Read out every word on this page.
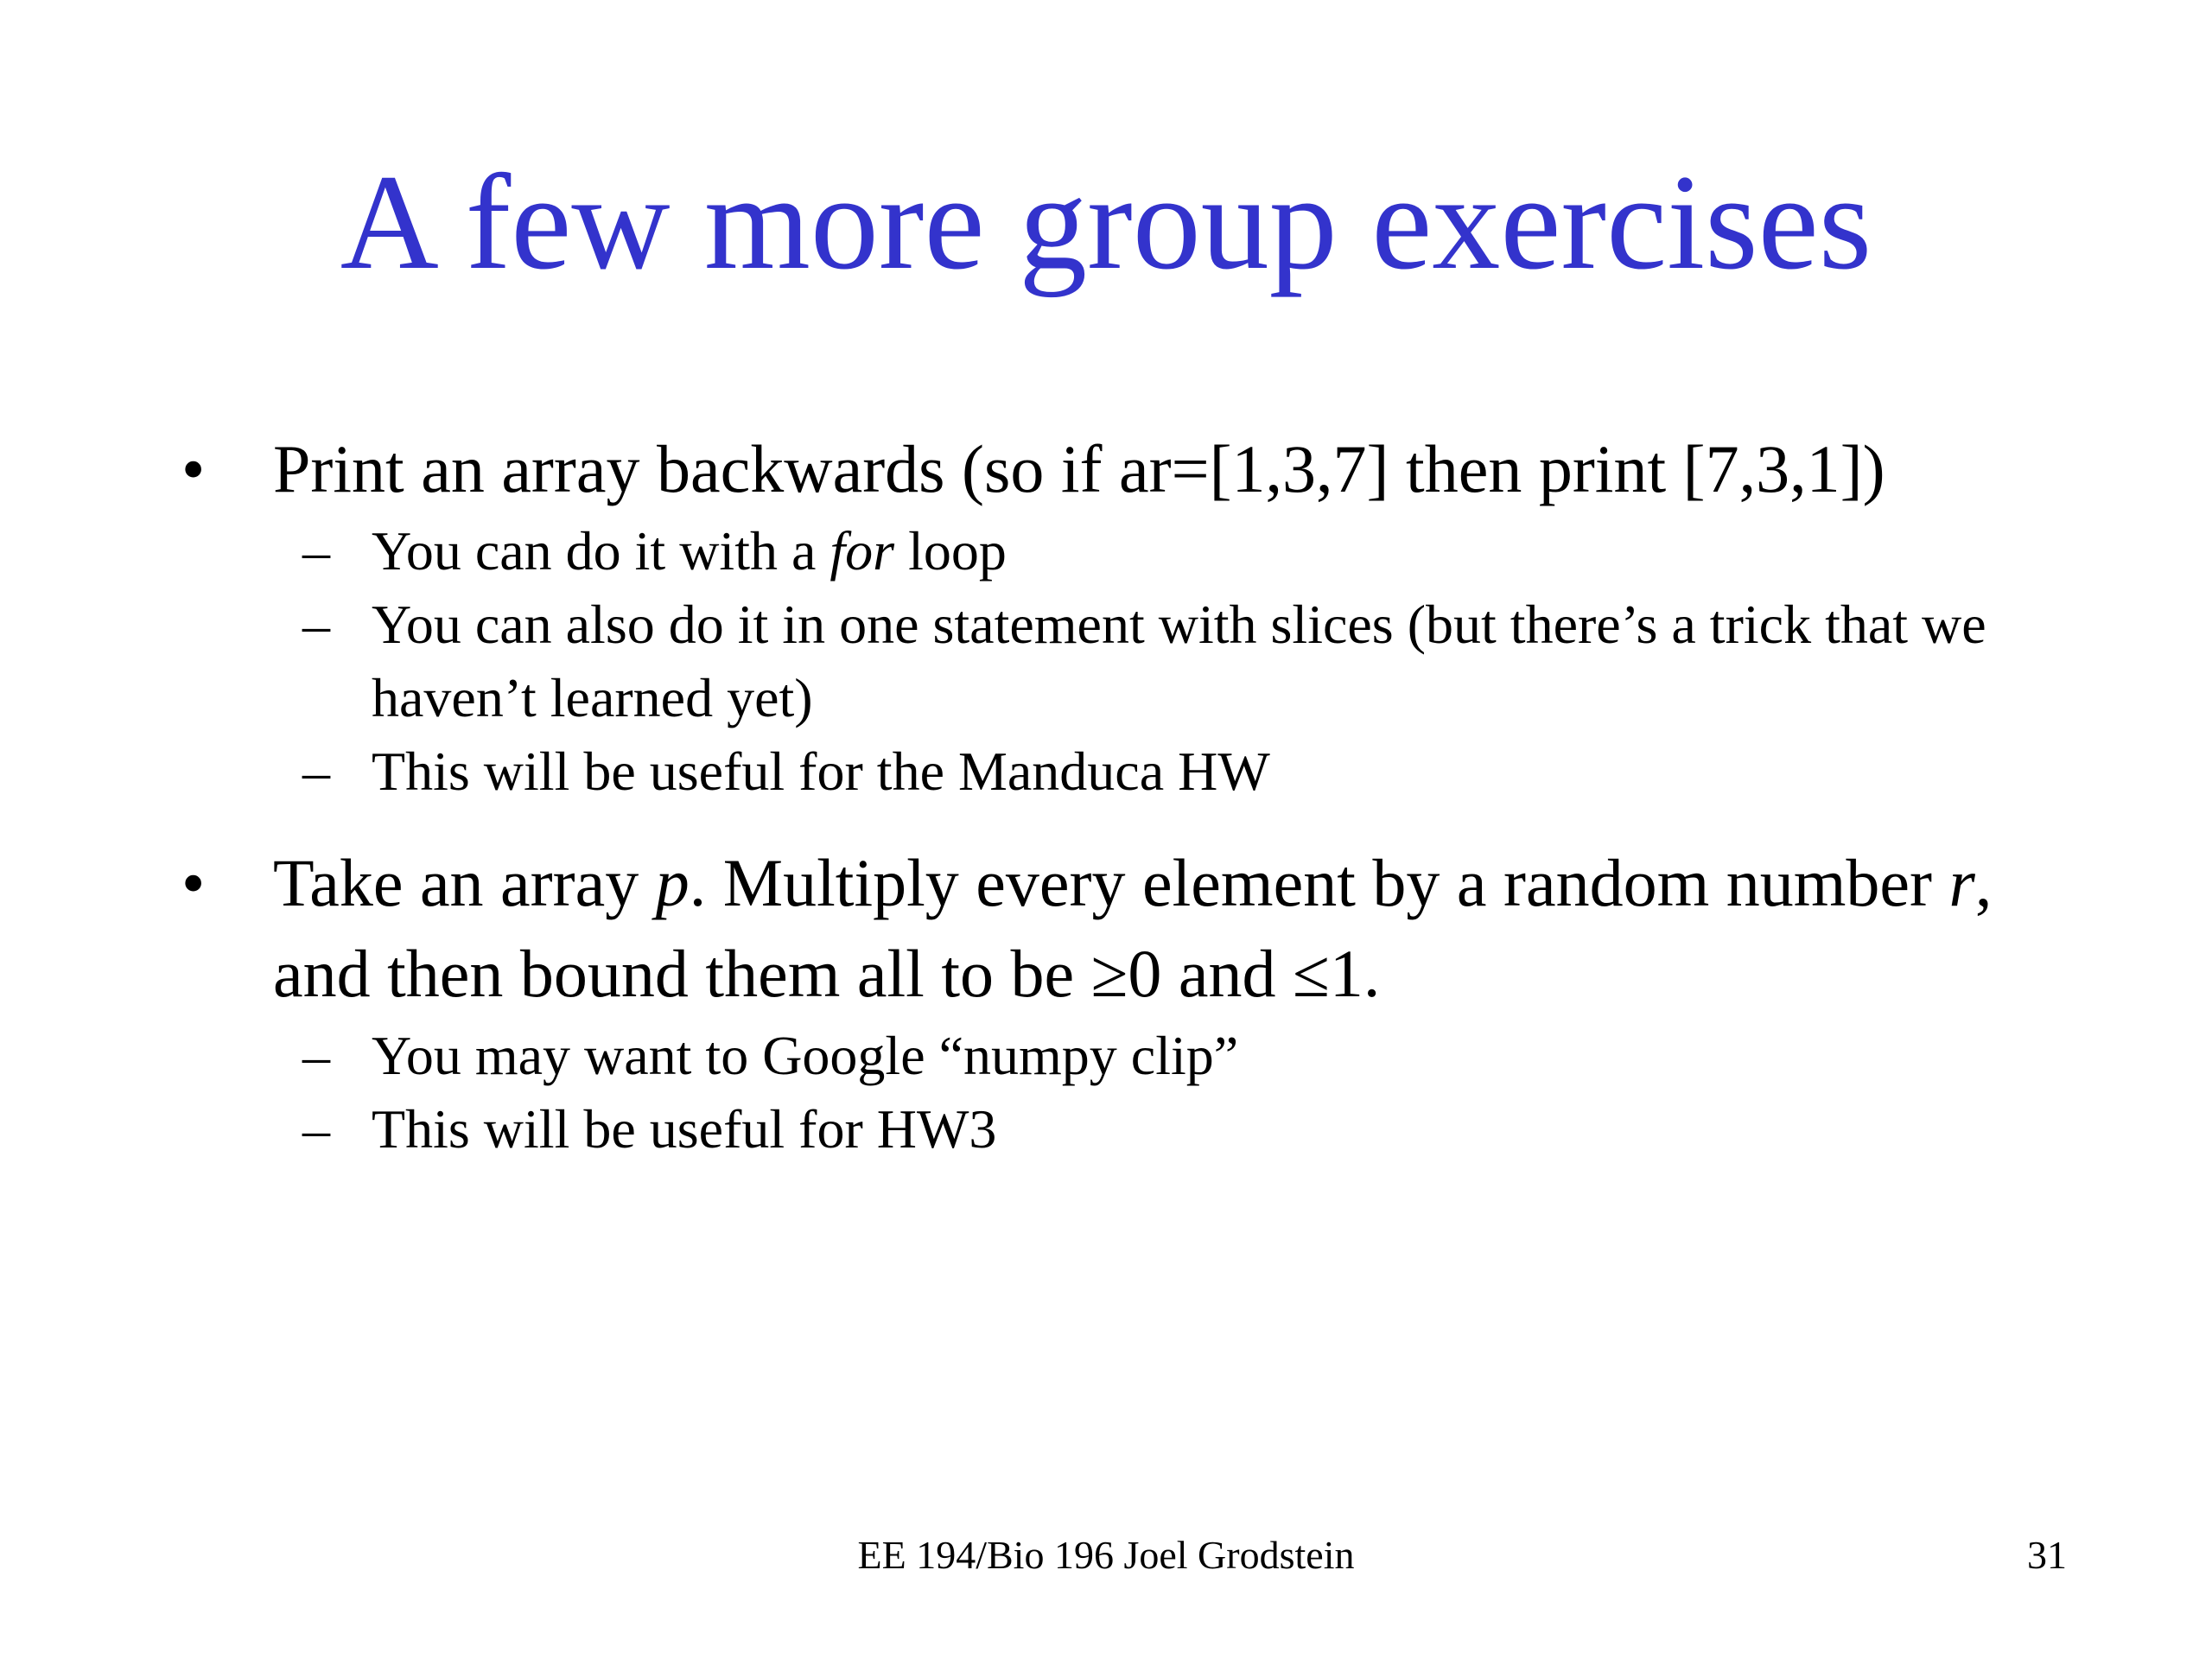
A few more group exercises
• Print an array backwards (so if ar=[1,3,7] then print [7,3,1])
– You can do it with a for loop
– You can also do it in one statement with slices (but there’s a trick that we haven’t learned yet)
– This will be useful for the Manduca HW
• Take an array p. Multiply every element by a random number r, and then bound them all to be ≥0 and ≤1.
– You may want to Google “numpy clip”
– This will be useful for HW3
EE 194/Bio 196 Joel Grodstein	31
